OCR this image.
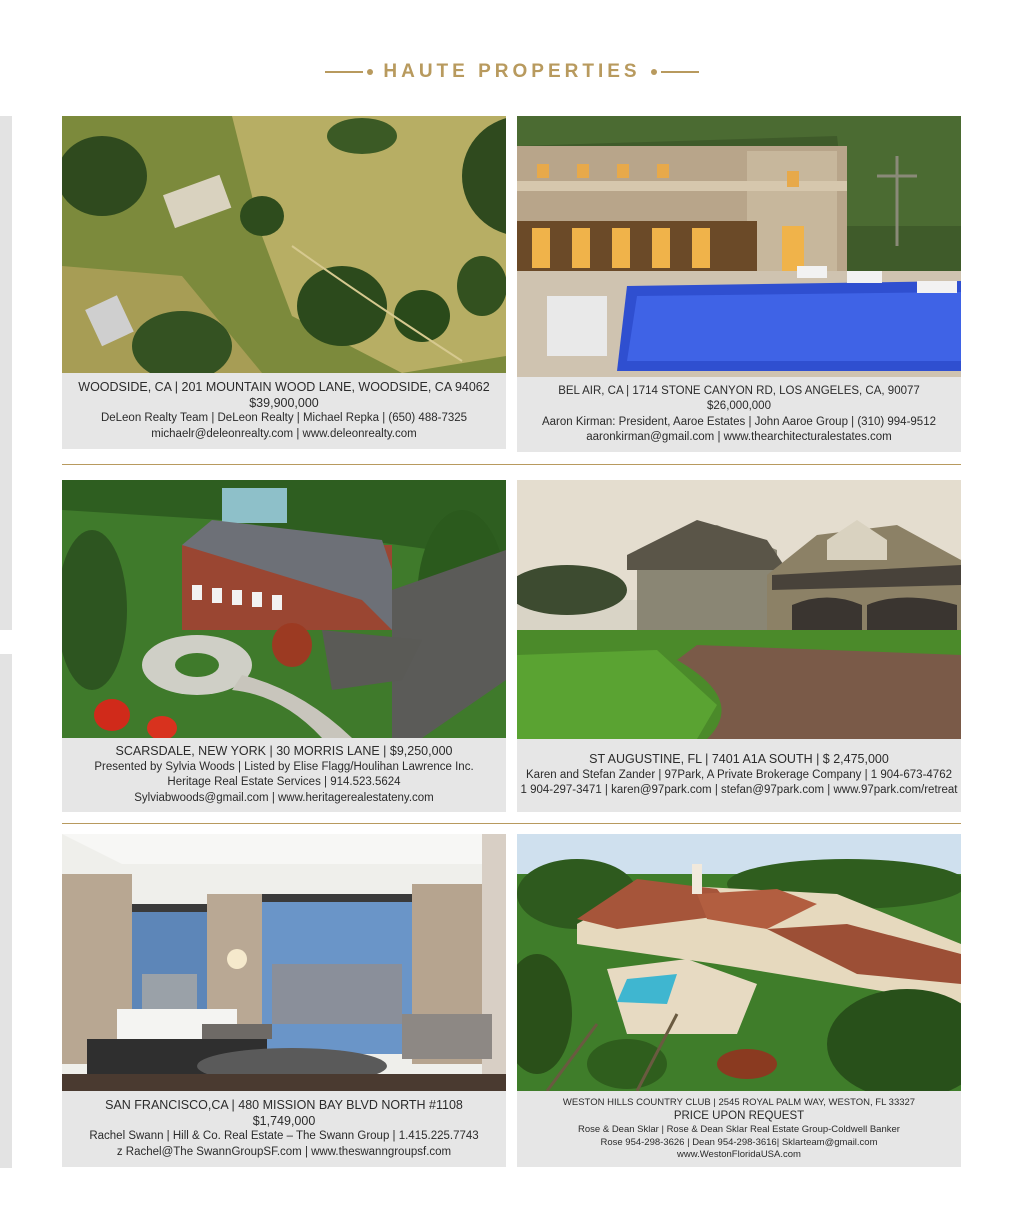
HAUTE PROPERTIES
WOODSIDE, CA | 201 MOUNTAIN WOOD LANE, WOODSIDE, CA 94062
$39,900,000
DeLeon Realty Team | DeLeon Realty | Michael Repka | (650) 488-7325
michaelr@deleonrealty.com | www.deleonrealty.com
BEL AIR, CA | 1714 STONE CANYON RD, LOS ANGELES, CA, 90077
$26,000,000
Aaron Kirman: President, Aaroe Estates | John Aaroe Group | (310) 994-9512
aaronkirman@gmail.com | www.thearchitecturalestates.com
SCARSDALE, NEW YORK | 30 MORRIS LANE | $9,250,000
Presented by Sylvia Woods | Listed by Elise Flagg/Houlihan Lawrence Inc.
Heritage Real Estate Services | 914.523.5624
Sylviabwoods@gmail.com | www.heritagerealestateny.com
ST AUGUSTINE, FL | 7401 A1A SOUTH | $ 2,475,000
Karen and Stefan Zander | 97Park, A Private Brokerage Company | 1 904-673-4762
1 904-297-3471 | karen@97park.com | stefan@97park.com | www.97park.com/retreat
SAN FRANCISCO,CA | 480 MISSION BAY BLVD NORTH #1108
$1,749,000
Rachel Swann | Hill & Co. Real Estate – The Swann Group | 1.415.225.7743
z Rachel@The SwannGroupSF.com | www.theswanngroupsf.com
WESTON HILLS COUNTRY CLUB | 2545 ROYAL PALM WAY, WESTON, FL 33327
PRICE UPON REQUEST
Rose & Dean Sklar | Rose & Dean Sklar Real Estate Group-Coldwell Banker
Rose 954-298-3626 | Dean 954-298-3616| Sklarteam@gmail.com
www.WestonFloridaUSA.com
